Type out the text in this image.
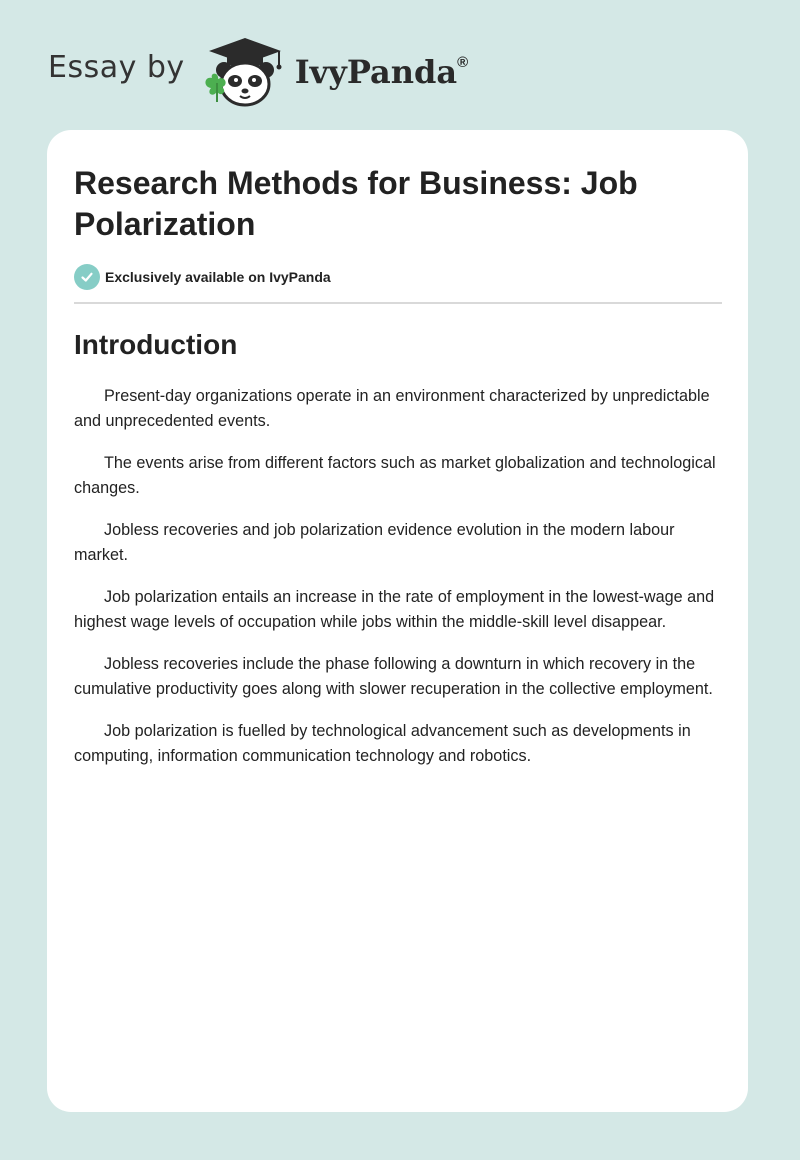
Essay by	IvyPanda®
Research Methods for Business: Job Polarization
Exclusively available on IvyPanda
Introduction

Present-day organizations operate in an environment characterized by unpredictable and unprecedented events.

The events arise from different factors such as market globalization and technological changes.

Jobless recoveries and job polarization evidence evolution in the modern labour market.

Job polarization entails an increase in the rate of employment in the lowest-wage and highest wage levels of occupation while jobs within the middle-skill level disappear.

Jobless recoveries include the phase following a downturn in which recovery in the cumulative productivity goes along with slower recuperation in the collective employment.

Job polarization is fuelled by technological advancement such as developments in computing, information communication technology and robotics.
